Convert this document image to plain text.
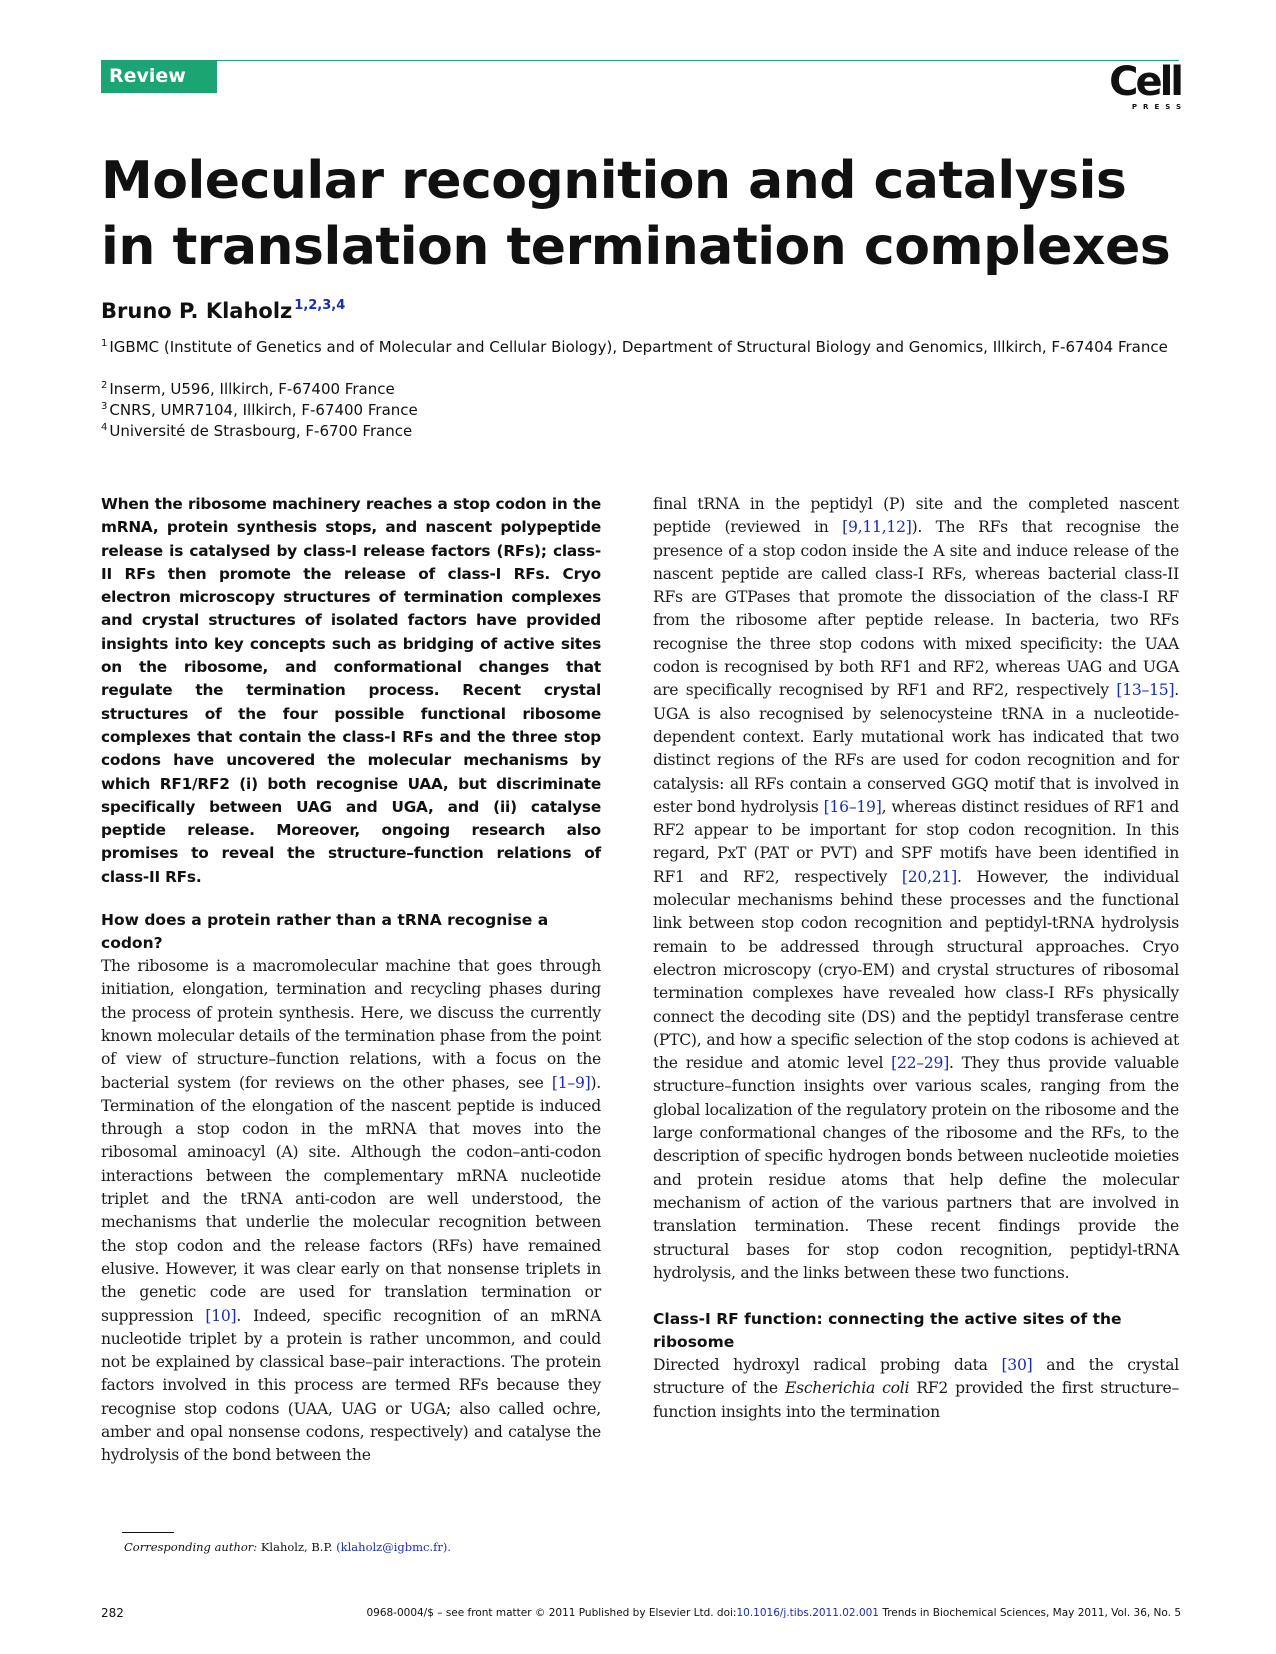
Review	Cell
PRESS
Molecular recognition and catalysis in translation termination complexes
Bruno P. Klaholz $^{1,2,3,4}$

$^1$ IGBMC (Institute of Genetics and of Molecular and Cellular Biology), Department of Structural Biology and Genomics, Illkirch, F-67404 France

$^2$ Inserm, U596, Illkirch, F-67400 France

$^3$ CNRS, UMR7104, Illkirch, F-67400 France

$^4$ Université de Strasbourg, F-6700 France

When the ribosome machinery reaches a stop codon in the mRNA, protein synthesis stops, and nascent polypeptide release is catalysed by class-I release factors (RFs); class-II RFs then promote the release of class-I RFs. Cryo electron microscopy structures of termination complexes and crystal structures of isolated factors have provided insights into key concepts such as bridging of active sites on the ribosome, and conformational changes that regulate the termination process. Recent crystal structures of the four possible functional ribosome complexes that contain the class-I RFs and the three stop codons have uncovered the molecular mechanisms by which RF1/RF2 (i) both recognise UAA, but discriminate specifically between UAG and UGA, and (ii) catalyse peptide release. Moreover, ongoing research also promises to reveal the structure–function relations of class-II RFs.

How does a protein rather than a tRNA recognise a codon?

The ribosome is a macromolecular machine that goes through initiation, elongation, termination and recycling phases during the process of protein synthesis. Here, we discuss the currently known molecular details of the termination phase from the point of view of structure–function relations, with a focus on the bacterial system (for reviews on the other phases, see [1–9]). Termination of the elongation of the nascent peptide is induced through a stop codon in the mRNA that moves into the ribosomal aminoacyl (A) site. Although the codon–anti-codon interactions between the complementary mRNA nucleotide triplet and the tRNA anti-codon are well understood, the mechanisms that underlie the molecular recognition between the stop codon and the release factors (RFs) have remained elusive. However, it was clear early on that nonsense triplets in the genetic code are used for translation termination or suppression [10]. Indeed, specific recognition of an mRNA nucleotide triplet by a protein is rather uncommon, and could not be explained by classical base–pair interactions. The protein factors involved in this process are termed RFs because they recognise stop codons (UAA, UAG or UGA; also called ochre, amber and opal nonsense codons, respectively) and catalyse the hydrolysis of the bond between the

final tRNA in the peptidyl (P) site and the completed nascent peptide (reviewed in [9,11,12]). The RFs that recognise the presence of a stop codon inside the A site and induce release of the nascent peptide are called class-I RFs, whereas bacterial class-II RFs are GTPases that promote the dissociation of the class-I RF from the ribosome after peptide release. In bacteria, two RFs recognise the three stop codons with mixed specificity: the UAA codon is recognised by both RF1 and RF2, whereas UAG and UGA are specifically recognised by RF1 and RF2, respectively [13–15]. UGA is also recognised by selenocysteine tRNA in a nucleotide-dependent context. Early mutational work has indicated that two distinct regions of the RFs are used for codon recognition and for catalysis: all RFs contain a conserved GGQ motif that is involved in ester bond hydrolysis [16–19], whereas distinct residues of RF1 and RF2 appear to be important for stop codon recognition. In this regard, PxT (PAT or PVT) and SPF motifs have been identified in RF1 and RF2, respectively [20,21]. However, the individual molecular mechanisms behind these processes and the functional link between stop codon recognition and peptidyl-tRNA hydrolysis remain to be addressed through structural approaches. Cryo electron microscopy (cryo-EM) and crystal structures of ribosomal termination complexes have revealed how class-I RFs physically connect the decoding site (DS) and the peptidyl transferase centre (PTC), and how a specific selection of the stop codons is achieved at the residue and atomic level [22–29]. They thus provide valuable structure–function insights over various scales, ranging from the global localization of the regulatory protein on the ribosome and the large conformational changes of the ribosome and the RFs, to the description of specific hydrogen bonds between nucleotide moieties and protein residue atoms that help define the molecular mechanism of action of the various partners that are involved in translation termination. These recent findings provide the structural bases for stop codon recognition, peptidyl-tRNA hydrolysis, and the links between these two functions.

Class-I RF function: connecting the active sites of the ribosome

Directed hydroxyl radical probing data [30] and the crystal structure of the Escherichia coli RF2 provided the first structure–function insights into the termination

Corresponding author: Klaholz, B.P. (klaholz@igbmc.fr).
282	0968-0004/$ – see front matter © 2011 Published by Elsevier Ltd. doi:10.1016/j.tibs.2011.02.001 Trends in Biochemical Sciences, May 2011, Vol. 36, No. 5
